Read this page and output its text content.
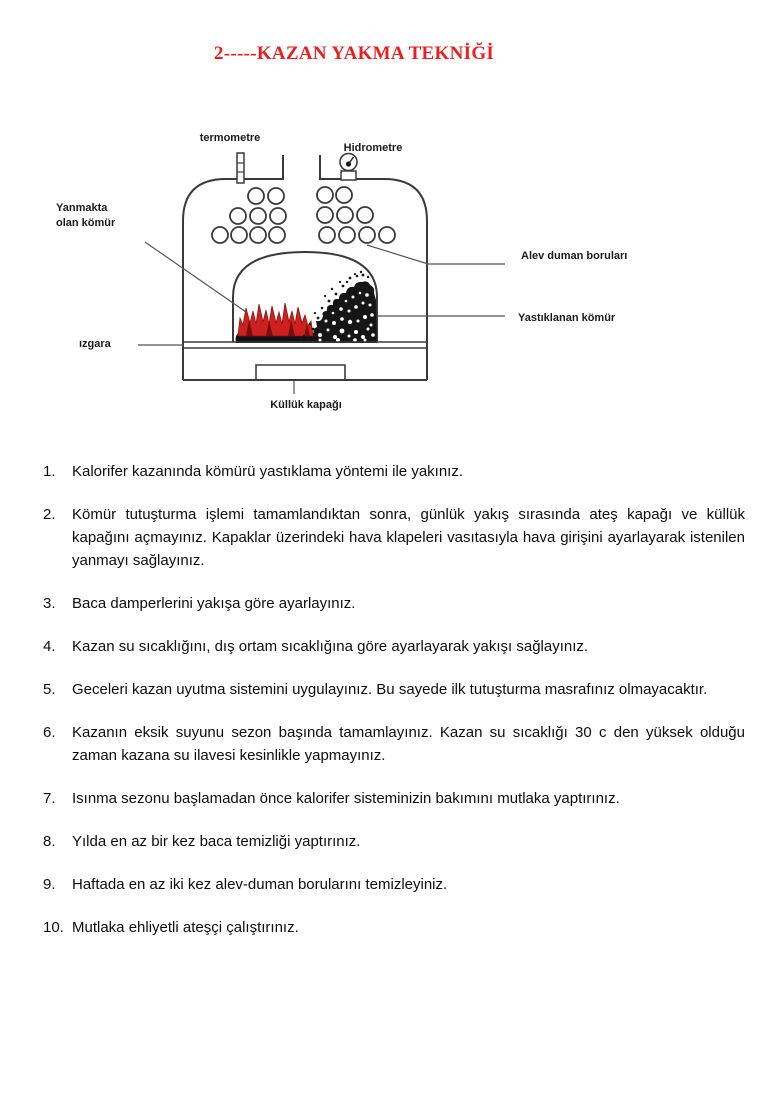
2-----KAZAN YAKMA TEKNİĞİ
termometre
Hidrometre
Yanmakta
olan kömür
Alev duman boruları
Yastıklanan kömür
ızgara
Küllük kapağı
1.	Kalorifer kazanında kömürü yastıklama yöntemi ile yakınız.
2.	Kömür tutuşturma işlemi tamamlandıktan sonra, günlük yakış sırasında ateş kapağı ve küllük kapağını açmayınız. Kapaklar üzerindeki hava klapeleri vasıtasıyla hava girişini ayarlayarak istenilen yanmayı sağlayınız.
3.	Baca damperlerini yakışa göre ayarlayınız.
4.	Kazan su sıcaklığını, dış ortam sıcaklığına göre ayarlayarak yakışı sağlayınız.
5.	Geceleri kazan uyutma sistemini uygulayınız. Bu sayede ilk tutuşturma masrafınız olmayacaktır.
6.	Kazanın eksik suyunu sezon başında tamamlayınız. Kazan su sıcaklığı 30 c den yüksek olduğu zaman kazana su ilavesi kesinlikle yapmayınız.
7.	Isınma sezonu başlamadan önce kalorifer sisteminizin bakımını mutlaka yaptırınız.
8.	Yılda en az bir kez baca temizliği yaptırınız.
9.	Haftada en az iki kez alev-duman borularını temizleyiniz.
10. Mutlaka ehliyetli ateşçi çalıştırınız.
